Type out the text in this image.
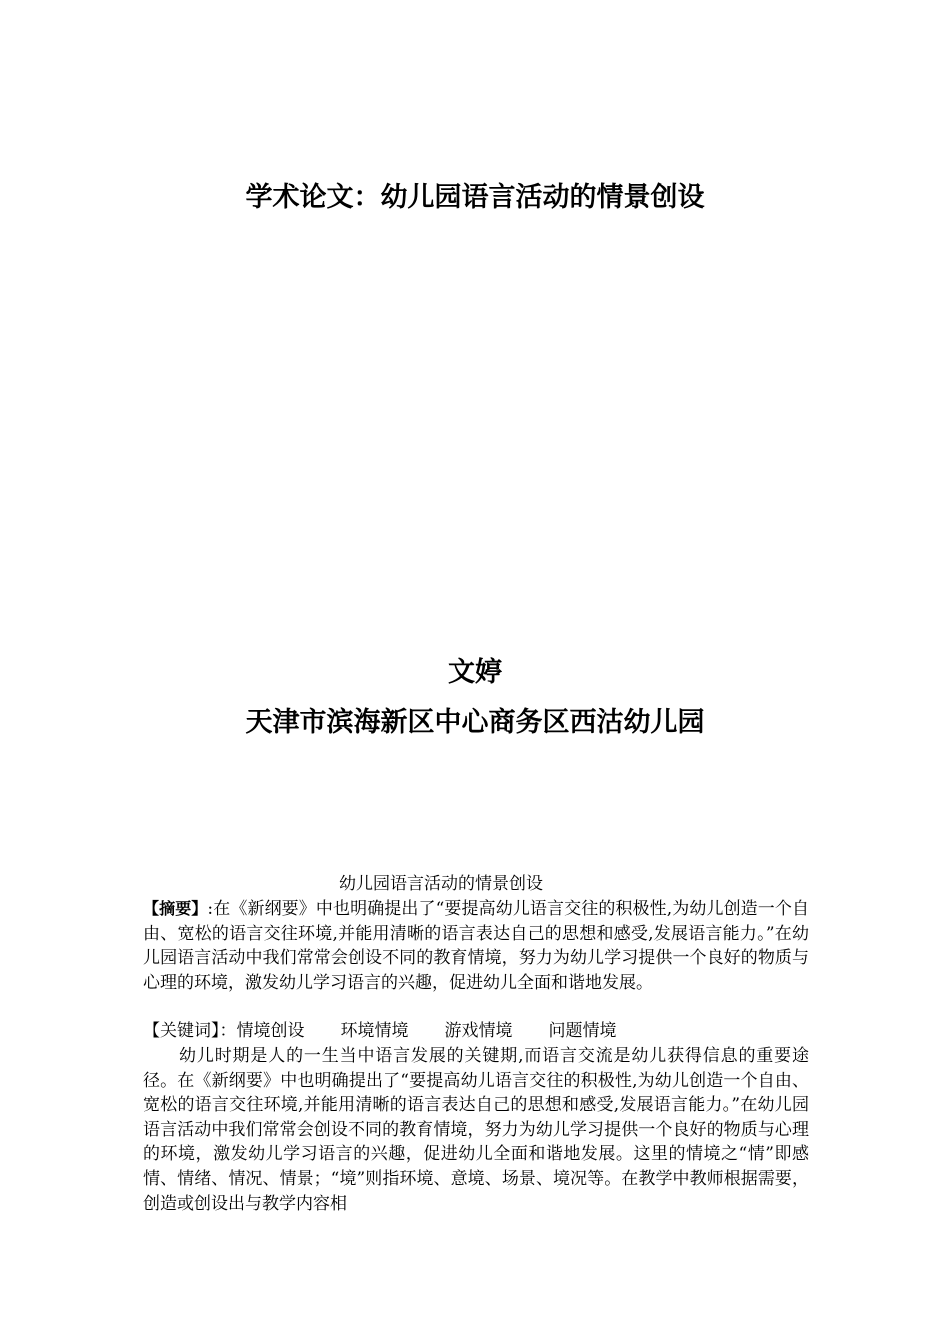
学术论文：幼儿园语言活动的情景创设
文婷
天津市滨海新区中心商务区西沽幼儿园
幼儿园语言活动的情景创设
【摘要】:在《新纲要》中也明确提出了“要提高幼儿语言交往的积极性,为幼儿创造一个自由、宽松的语言交往环境,并能用清晰的语言表达自己的思想和感受,发展语言能力。”在幼儿园语言活动中我们常常会创设不同的教育情境，努力为幼儿学习提供一个良好的物质与心理的环境，激发幼儿学习语言的兴趣，促进幼儿全面和谐地发展。
【关键词】：情境创设 环境情境 游戏情境 问题情境
幼儿时期是人的一生当中语言发展的关键期,而语言交流是幼儿获得信息的重要途径。在《新纲要》中也明确提出了“要提高幼儿语言交往的积极性,为幼儿创造一个自由、宽松的语言交往环境,并能用清晰的语言表达自己的思想和感受,发展语言能力。”在幼儿园语言活动中我们常常会创设不同的教育情境，努力为幼儿学习提供一个良好的物质与心理的环境，激发幼儿学习语言的兴趣，促进幼儿全面和谐地发展。这里的情境之“情”即感情、情绪、情况、情景；“境”则指环境、意境、场景、境况等。在教学中教师根据需要，创造或创设出与教学内容相
